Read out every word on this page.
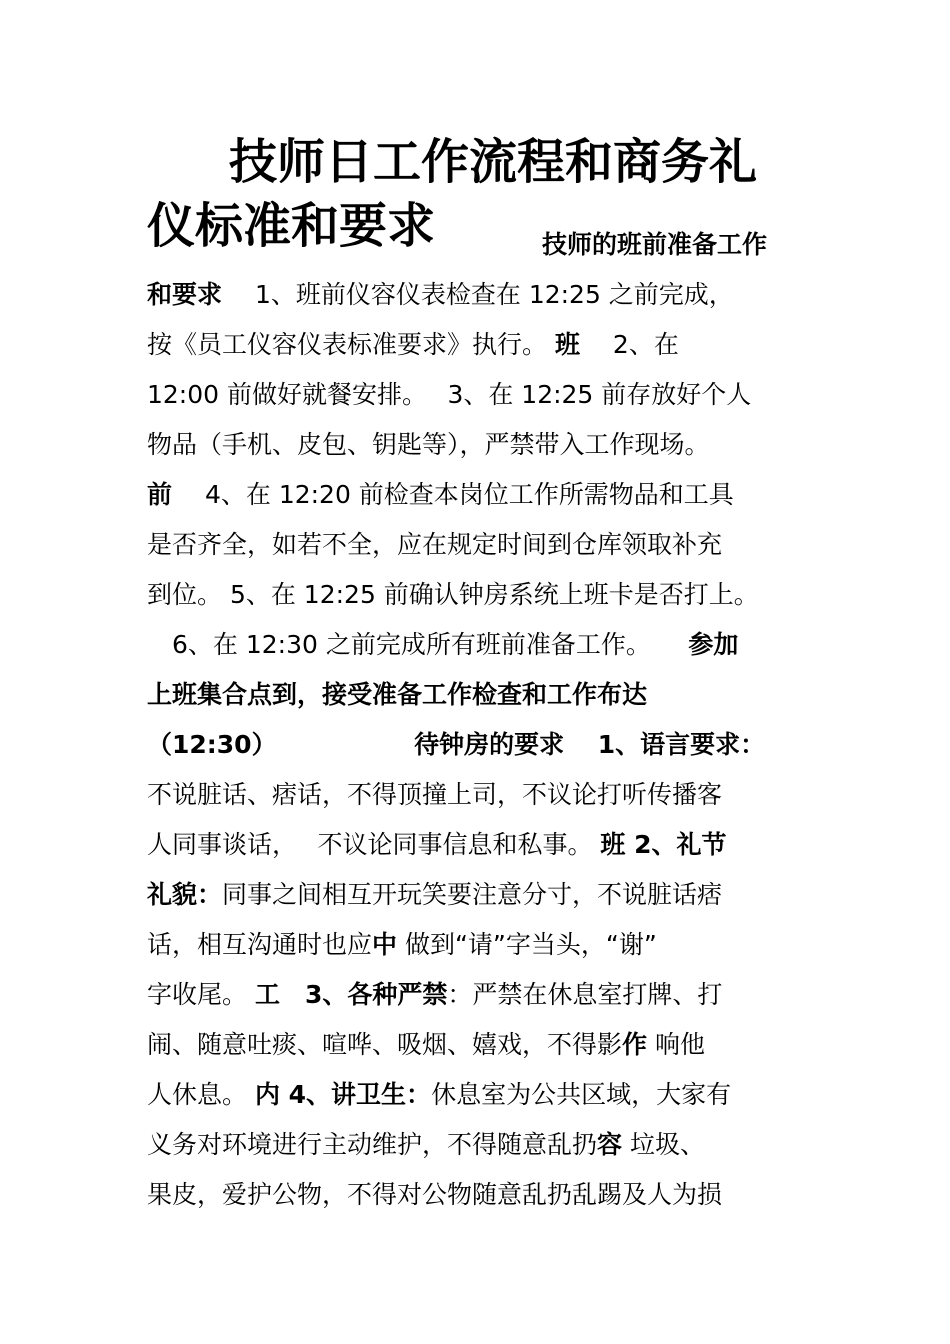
技师日工作流程和商务礼
仪标准和要求	技师的班前准备工作
和要求　 1、班前仪容仪表检查在 12:25 之前完成，
按《员工仪容仪表标准要求》执行。 班　 2、在
12:00 前做好就餐安排。　 3、在 12:25 前存放好个人
物品（手机、皮包、钥匙等），严禁带入工作现场。
前　 4、在 12:20 前检查本岗位工作所需物品和工具
是否齐全，如若不全，应在规定时间到仓库领取补充
到位。 5、在 12:25 前确认钟房系统上班卡是否打上。
　6、在 12:30 之前完成所有班前准备工作。　　参加
上班集合点到，接受准备工作检查和工作布达
（12:30）　　　　　　待钟房的要求　 1、语言要求：
不说脏话、痞话，不得顶撞上司，不议论打听传播客
人同事谈话，　 不议论同事信息和私事。 班 2、礼节
礼貌：同事之间相互开玩笑要注意分寸，不说脏话痞
话，相互沟通时也应中 做到“请”字当头，“谢”
字收尾。 工　3、各种严禁：严禁在休息室打牌、打
闹、随意吐痰、喧哗、吸烟、嬉戏，不得影作 响他
人休息。 内 4、讲卫生：休息室为公共区域，大家有
义务对环境进行主动维护，不得随意乱扔容 垃圾、
果皮，爱护公物，不得对公物随意乱扔乱踢及人为损
